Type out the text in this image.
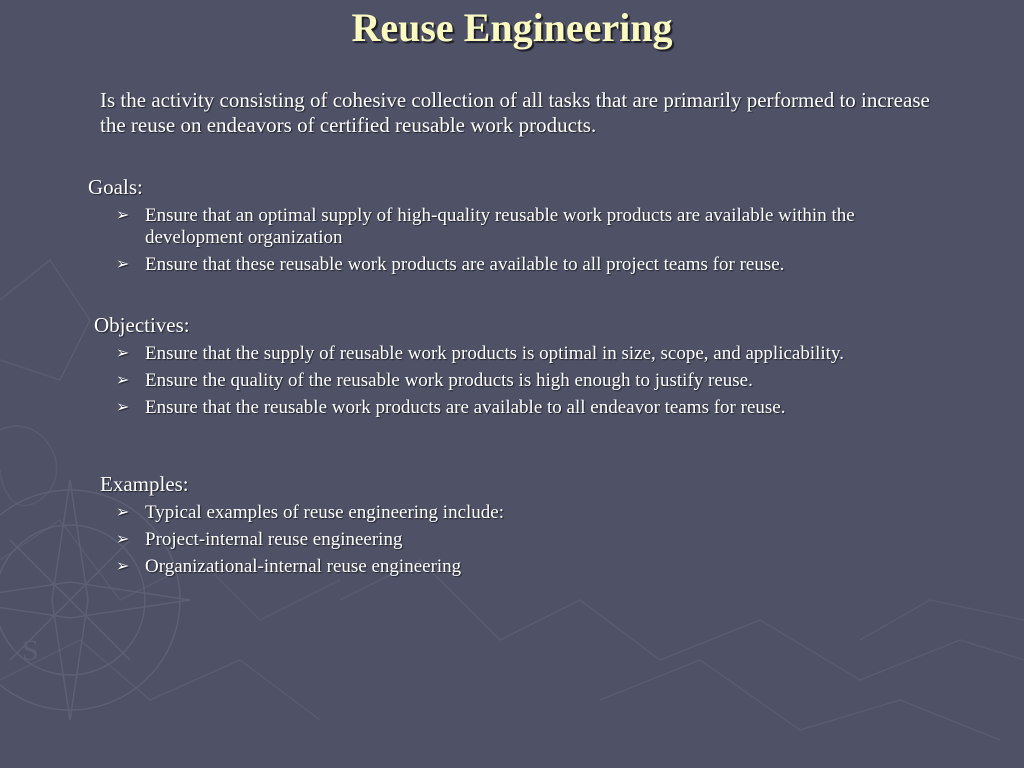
S
Reuse Engineering

Is the activity consisting of cohesive collection of all tasks that are primarily performed to increase the reuse on endeavors of certified reusable work products.

Goals:
➢ Ensure that an optimal supply of high-quality reusable work products are available within the development organization
➢ Ensure that these reusable work products are available to all project teams for reuse.
Objectives:
➢ Ensure that the supply of reusable work products is optimal in size, scope, and applicability.
➢ Ensure the quality of the reusable work products is high enough to justify reuse.
➢ Ensure that the reusable work products are available to all endeavor teams for reuse.
Examples:
➢ Typical examples of reuse engineering include:
➢ Project-internal reuse engineering
➢ Organizational-internal reuse engineering
